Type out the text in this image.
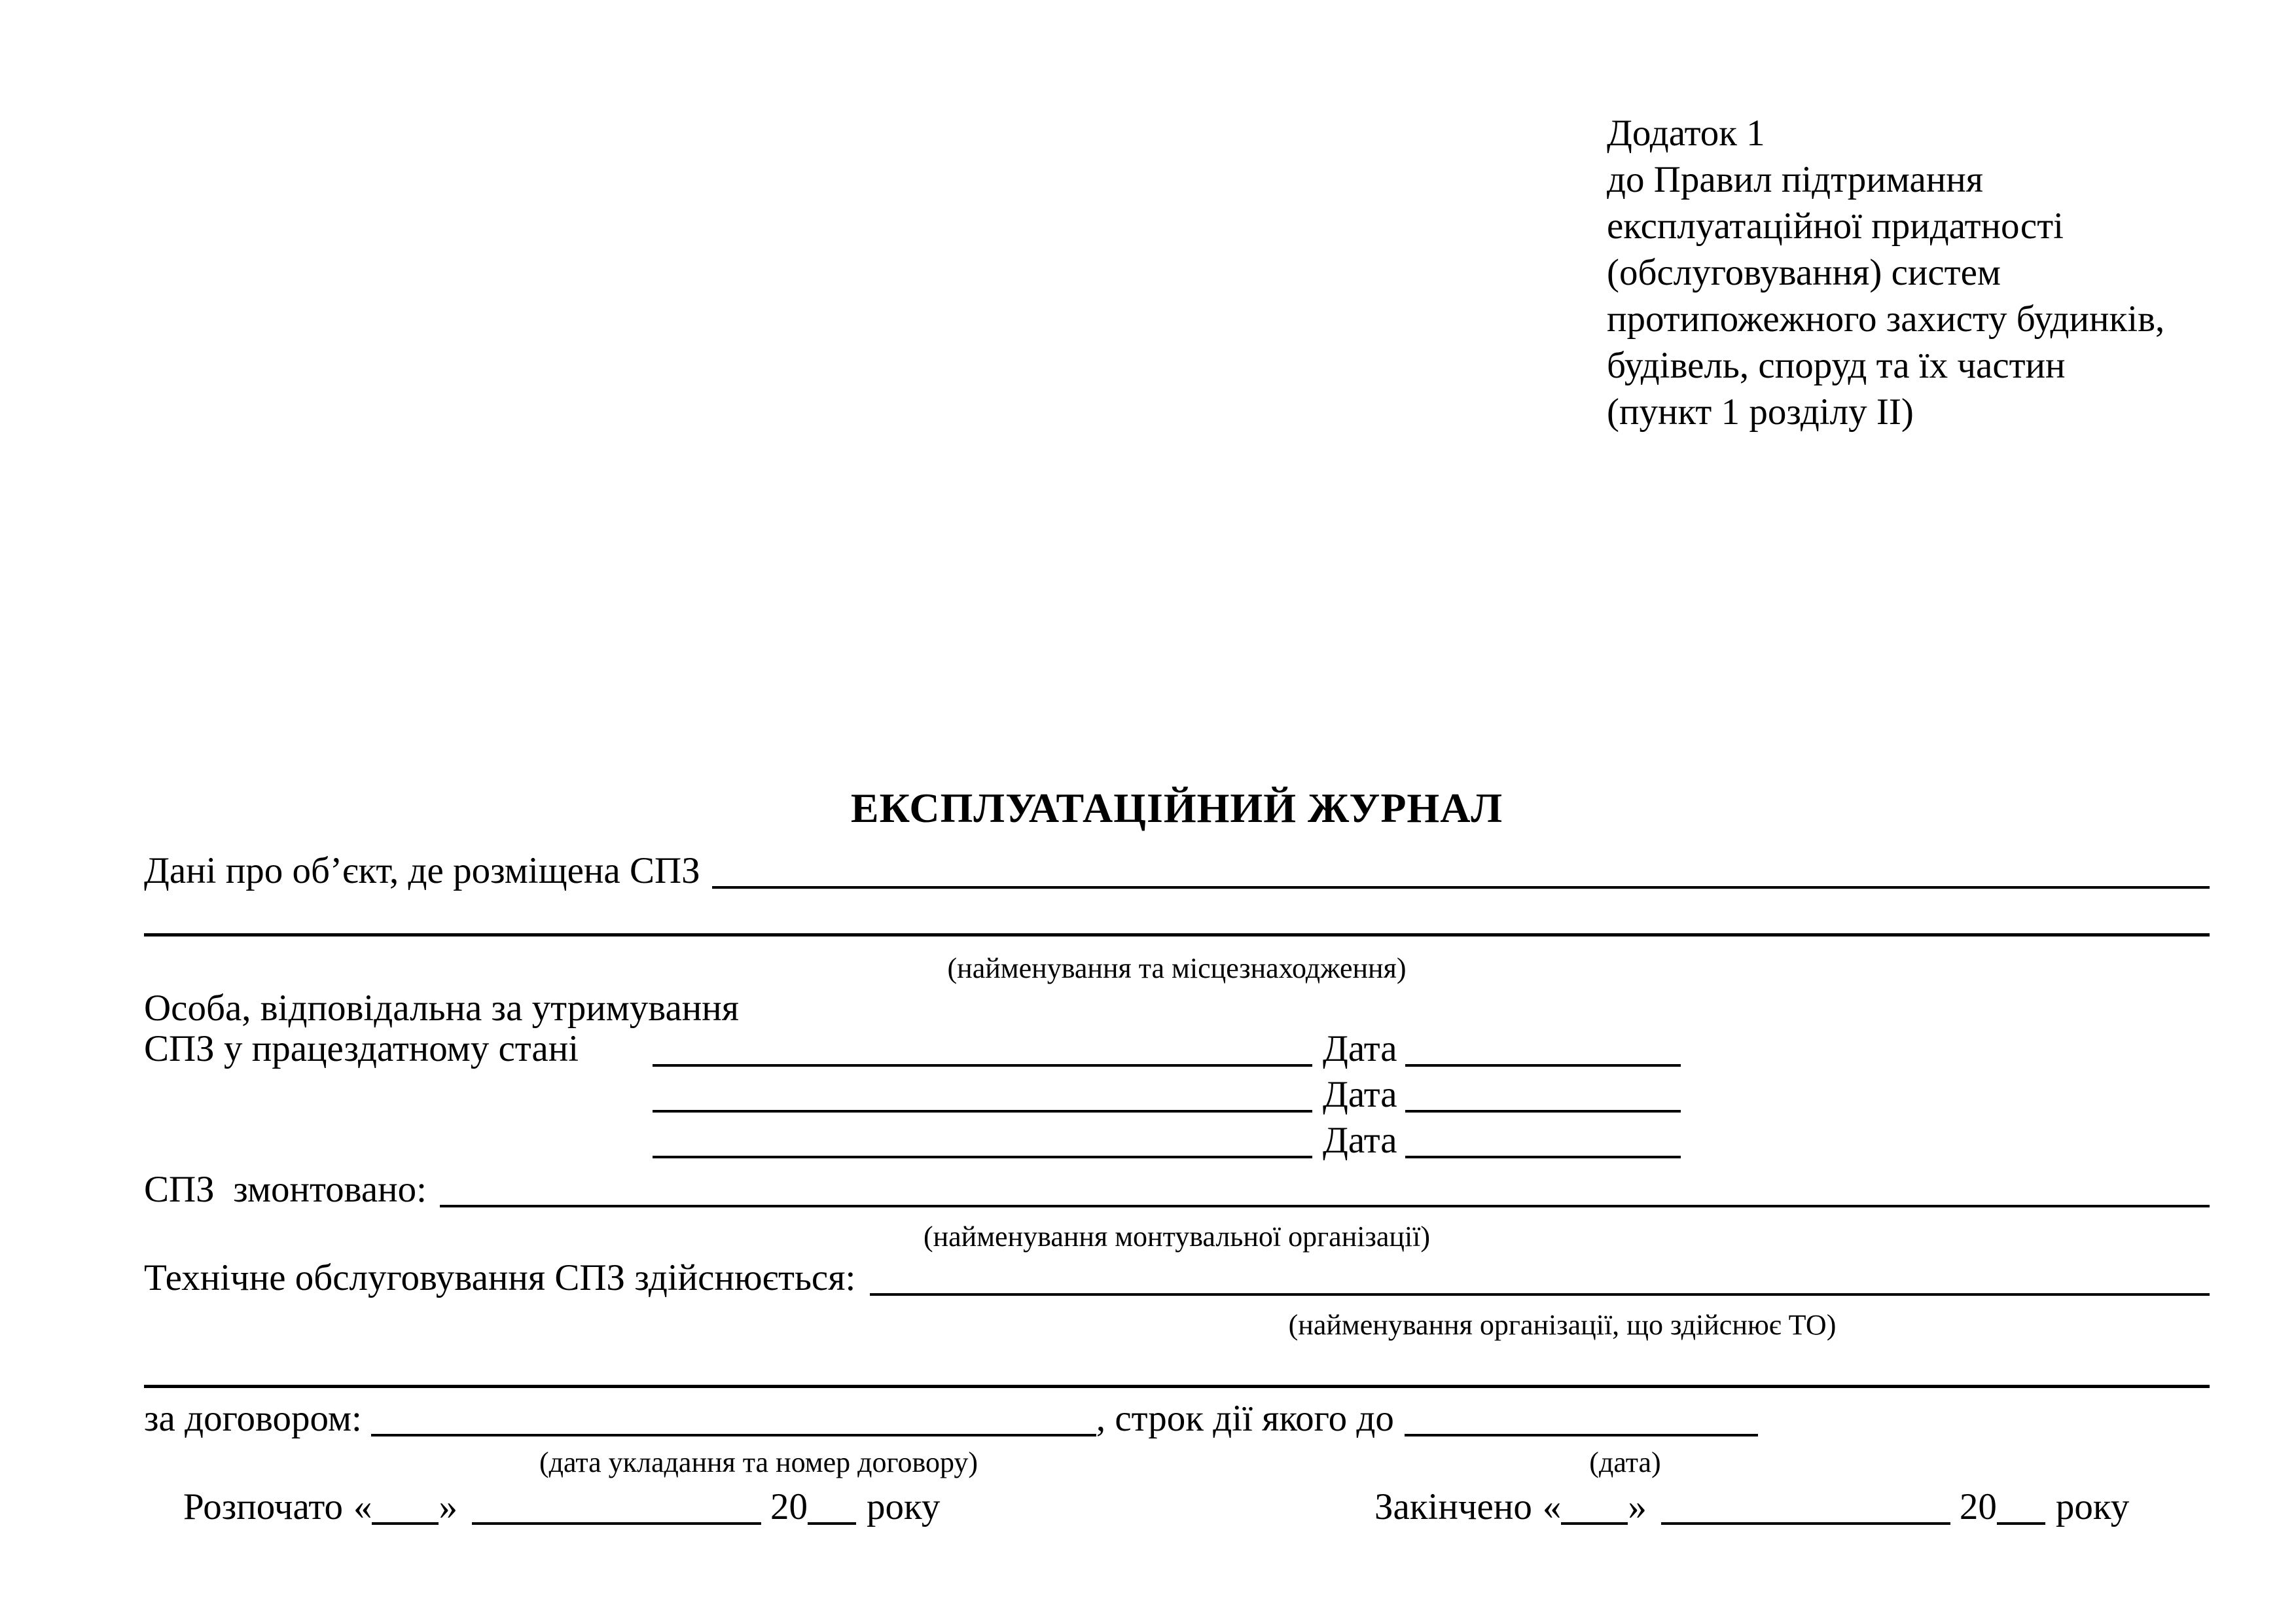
Додаток 1
до Правил підтримання
експлуатаційної придатності
(обслуговування) систем
протипожежного захисту будинків,
будівель, споруд та їх частин
(пункт 1 розділу II)
ЕКСПЛУАТАЦІЙНИЙ ЖУРНАЛ
Дані про об’єкт, де розміщена СПЗ
(найменування та місцезнаходження)
Особа, відповідальна за утримування
СПЗ у працездатному стані	Дата
Дата
Дата
СПЗ  змонтовано:
(найменування монтувальної організації)
Технічне обслуговування СПЗ здійснюється:
(найменування організації, що здійснює ТО)
за договором:	, строк дії якого до
(дата укладання та номер договору)	(дата)
Розпочато « »	20 року	Закінчено « »	20 року
